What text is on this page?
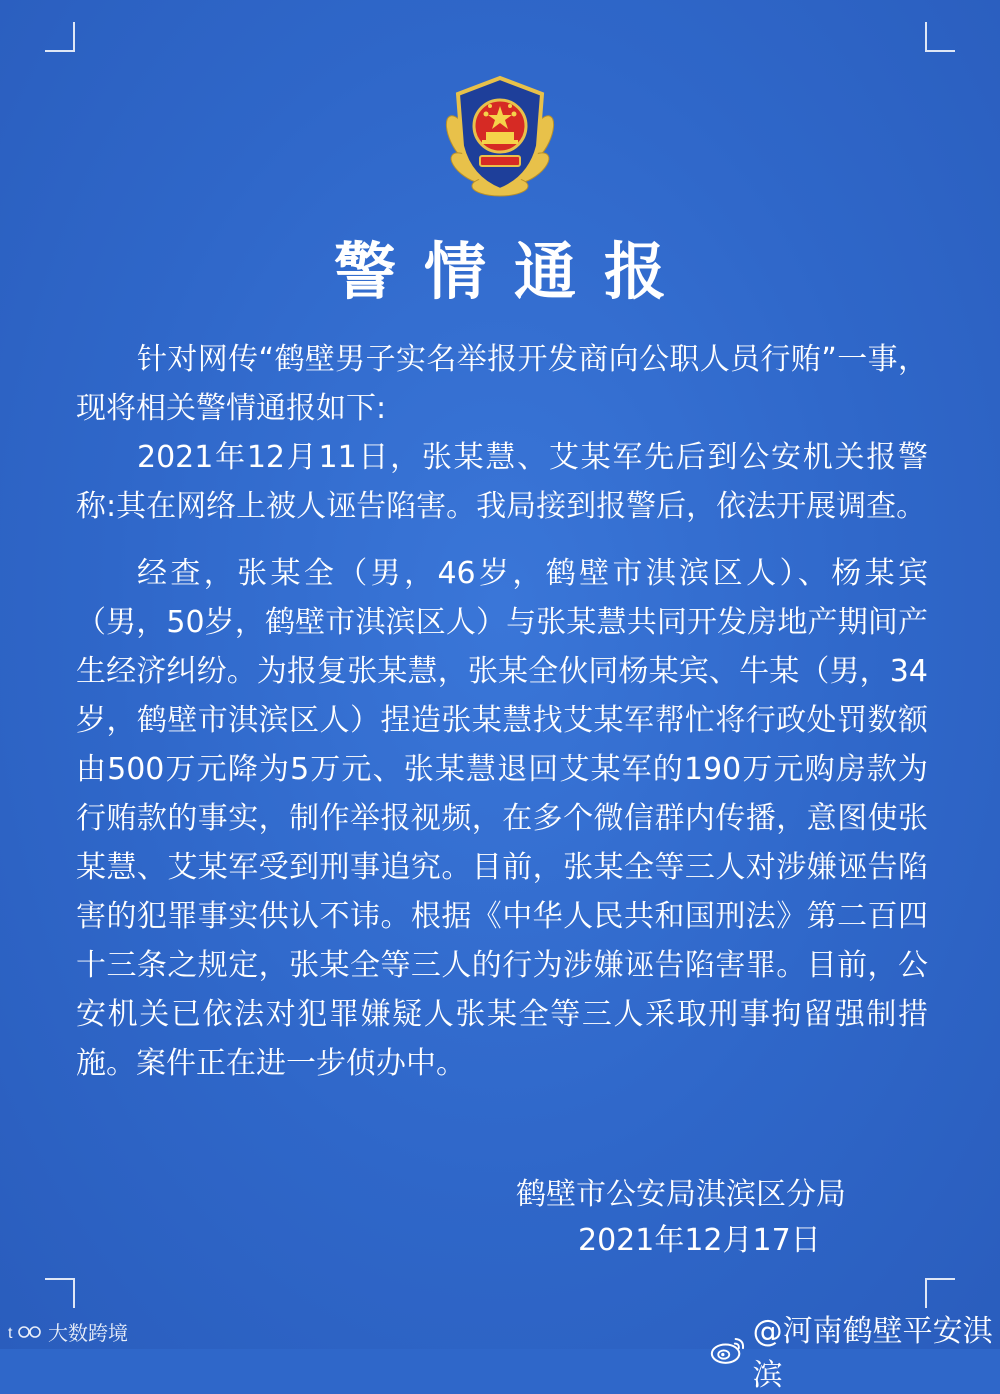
警情通报

针对网传“鹤壁男子实名举报开发商向公职人员行贿”一事，现将相关警情通报如下:

2021年12月11日，张某慧、艾某军先后到公安机关报警称:其在网络上被人诬告陷害。我局接到报警后，依法开展调查。

经查，张某全（男，46岁，鹤壁市淇滨区人）、杨某宾（男，50岁，鹤壁市淇滨区人）与张某慧共同开发房地产期间产生经济纠纷。为报复张某慧，张某全伙同杨某宾、牛某（男，34岁，鹤壁市淇滨区人）捏造张某慧找艾某军帮忙将行政处罚数额由500万元降为5万元、张某慧退回艾某军的190万元购房款为行贿款的事实，制作举报视频，在多个微信群内传播，意图使张某慧、艾某军受到刑事追究。目前，张某全等三人对涉嫌诬告陷害的犯罪事实供认不讳。根据《中华人民共和国刑法》第二百四十三条之规定，张某全等三人的行为涉嫌诬告陷害罪。目前，公安机关已依法对犯罪嫌疑人张某全等三人采取刑事拘留强制措施。案件正在进一步侦办中。

鹤壁市公安局淇滨区分局
2021年12月17日
t 大数跨境	@河南鹤壁平安淇滨
